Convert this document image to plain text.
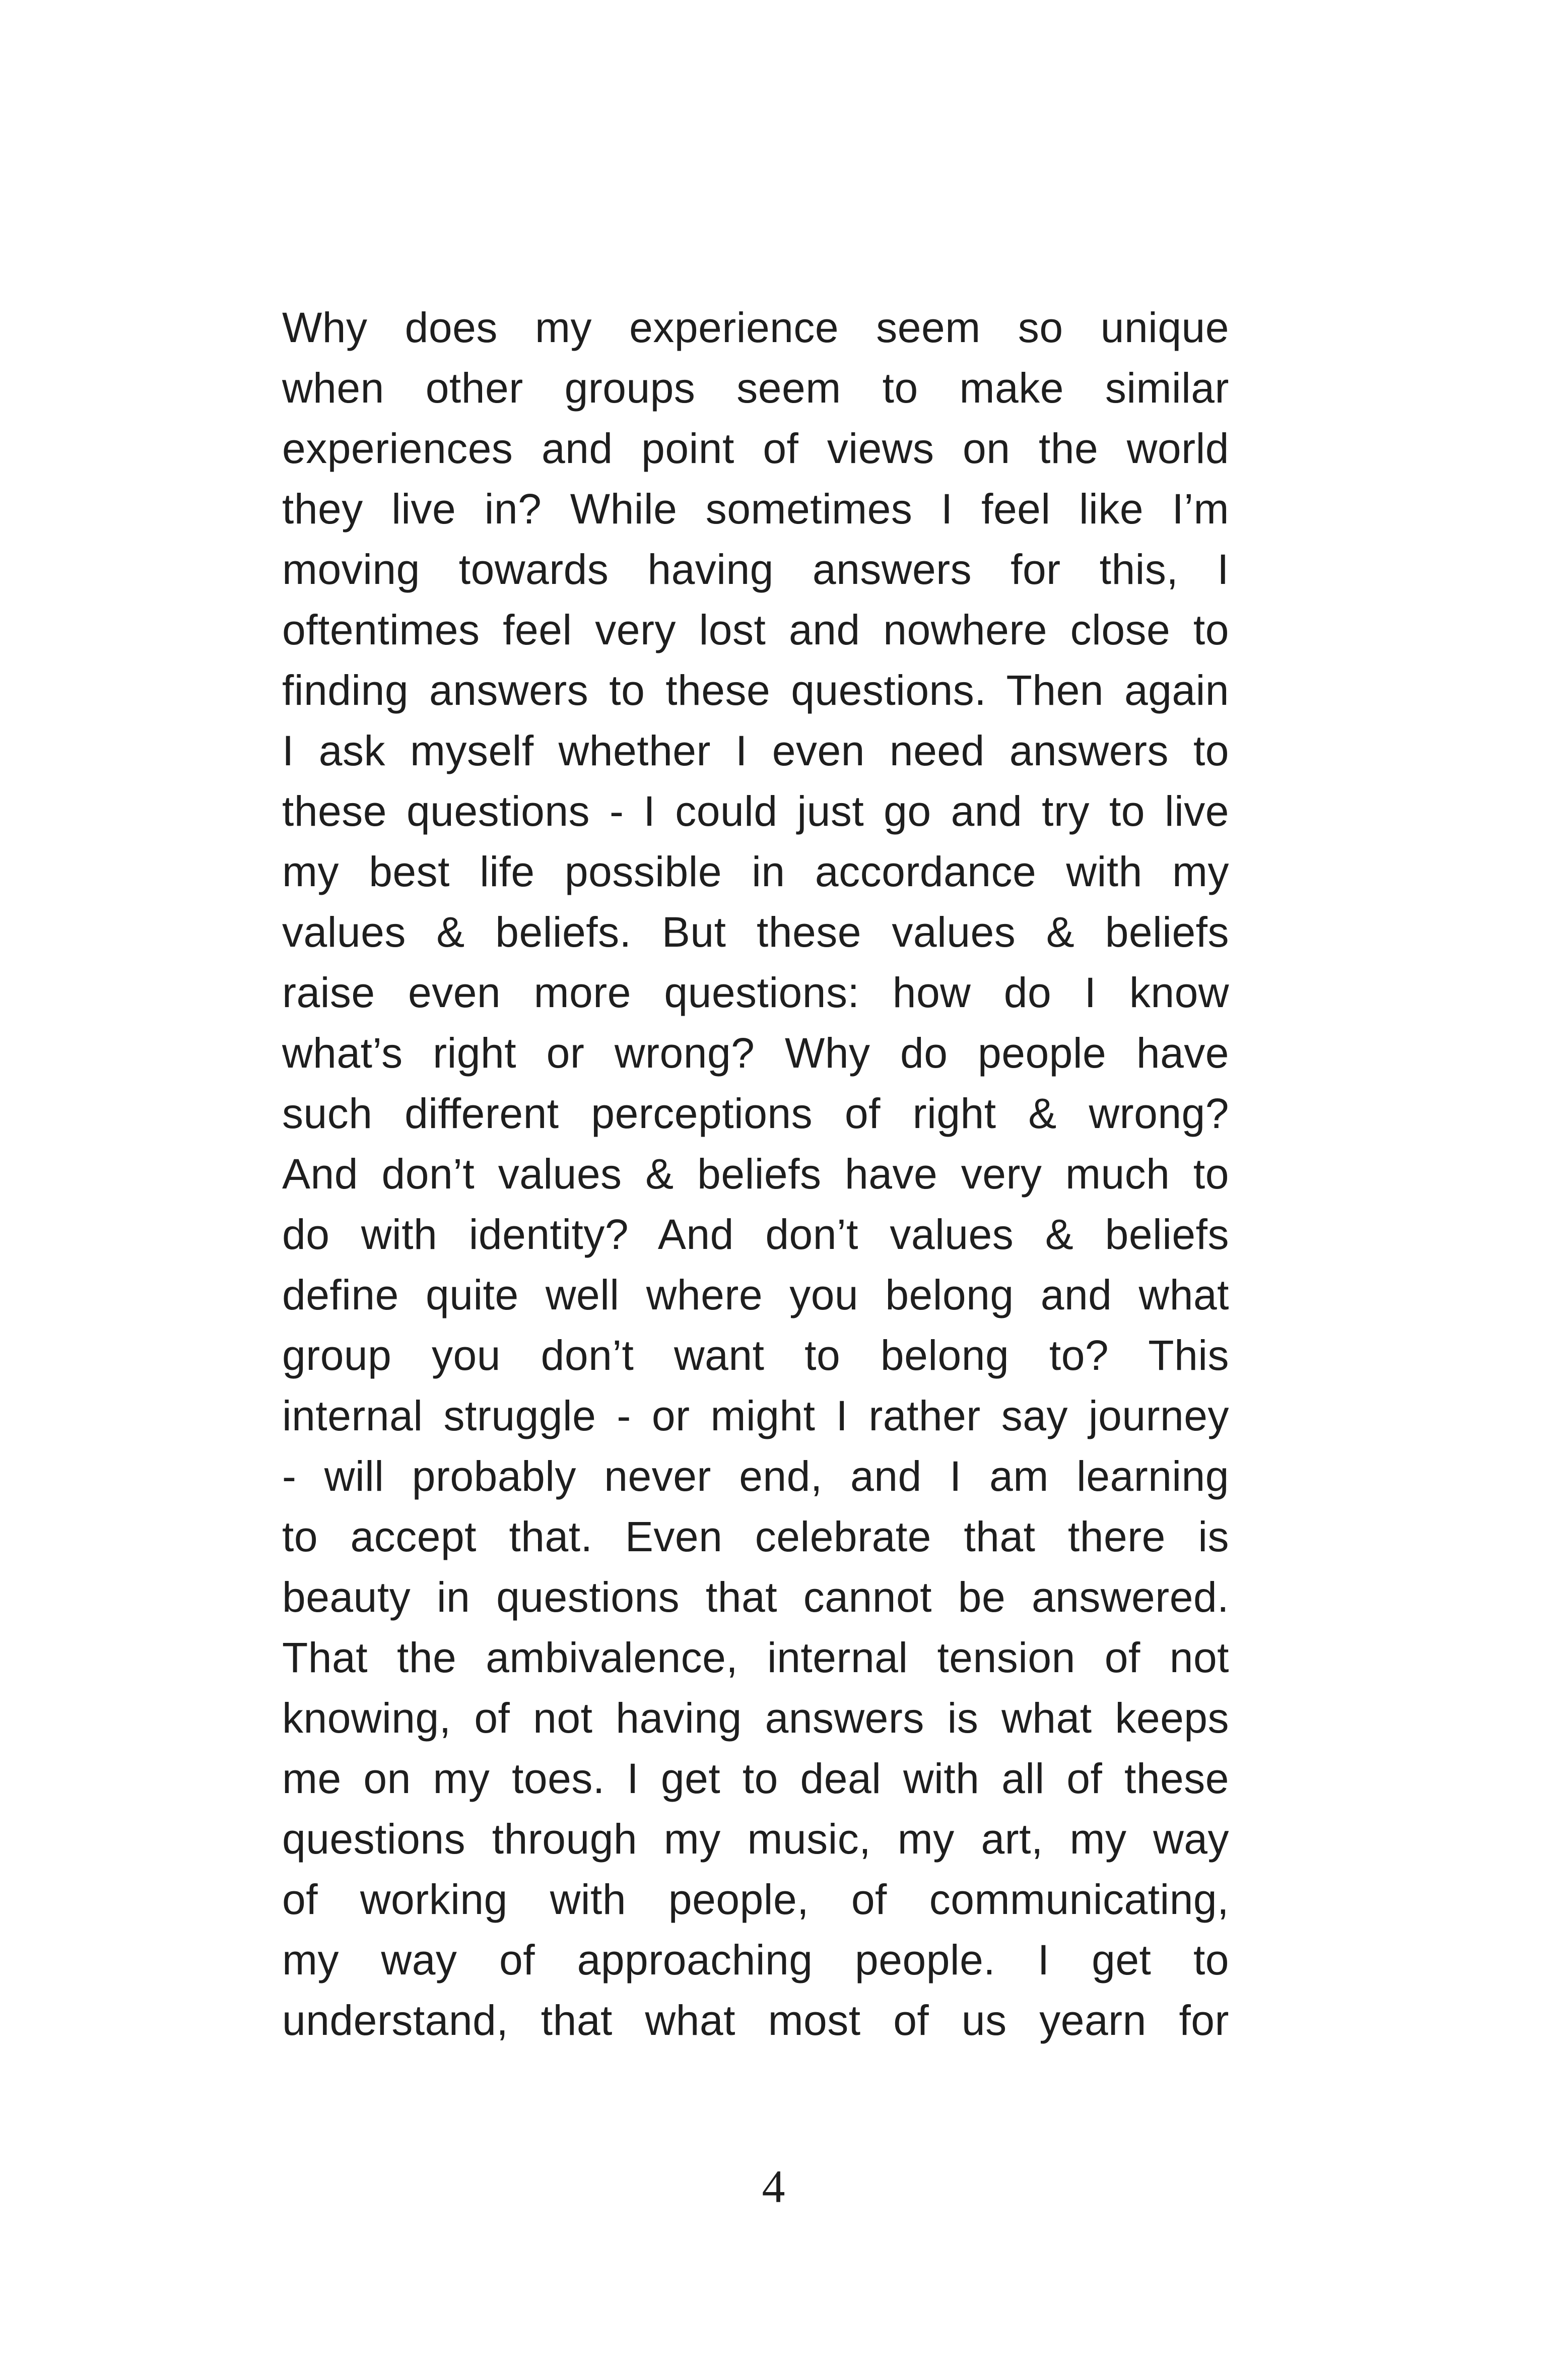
Why does my experience seem so unique
when other groups seem to make similar
experiences and point of views on the world
they live in? While sometimes I feel like I’m
moving towards having answers for this, I
oftentimes feel very lost and nowhere close to
finding answers to these questions. Then again
I ask myself whether I even need answers to
these questions - I could just go and try to live
my best life possible in accordance with my
values & beliefs. But these values & beliefs
raise even more questions: how do I know
what’s right or wrong? Why do people have
such different perceptions of right & wrong?
And don’t values & beliefs have very much to
do with identity? And don’t values & beliefs
define quite well where you belong and what
group you don’t want to belong to? This
internal struggle - or might I rather say journey
- will probably never end, and I am learning
to accept that. Even celebrate that there is
beauty in questions that cannot be answered.
That the ambivalence, internal tension of not
knowing, of not having answers is what keeps
me on my toes. I get to deal with all of these
questions through my music, my art, my way
of working with people, of communicating,
my way of approaching people. I get to
understand, that what most of us yearn for
4
